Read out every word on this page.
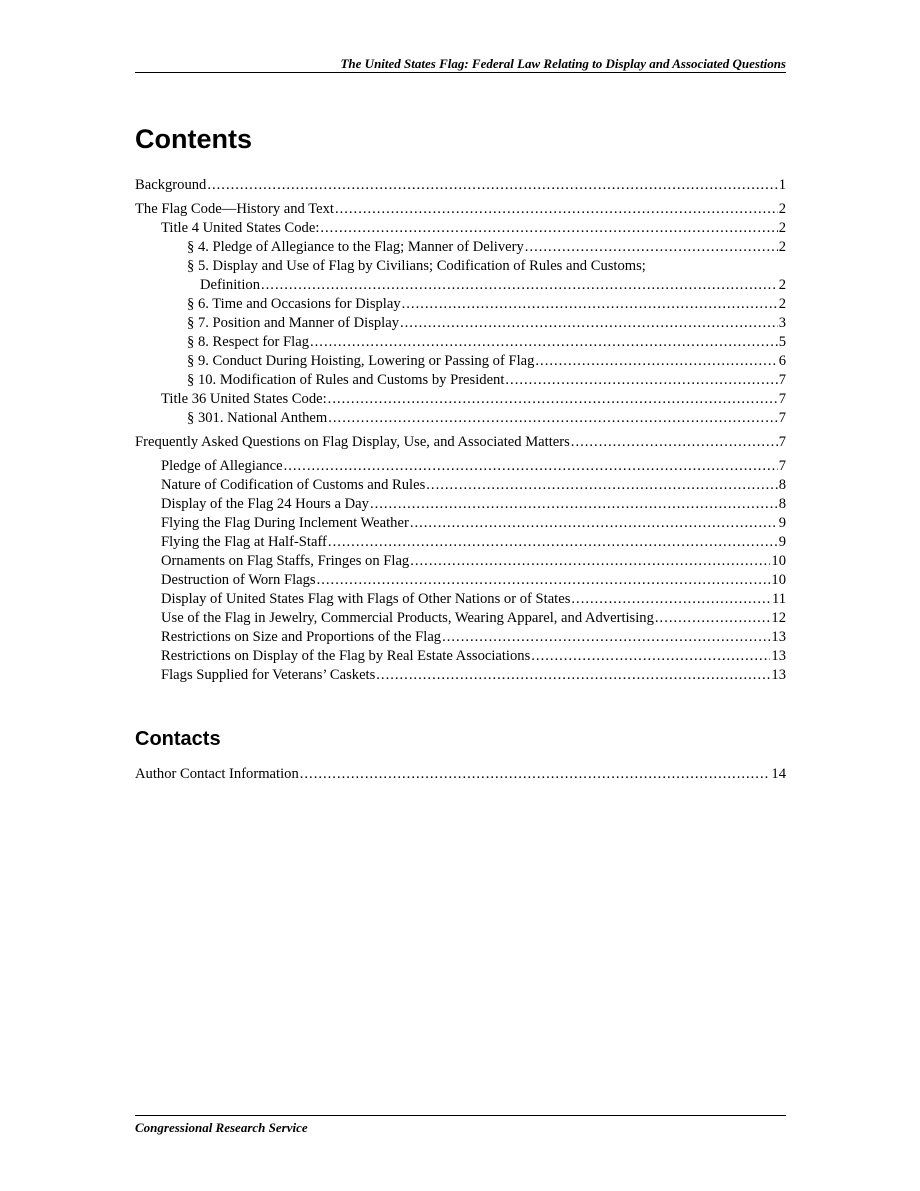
The United States Flag: Federal Law Relating to Display and Associated Questions
Contents
Background .....	1
The Flag Code—History and Text .....	2
Title 4 United States Code: .....	2
§ 4. Pledge of Allegiance to the Flag; Manner of Delivery .....	2
§ 5. Display and Use of Flag by Civilians; Codification of Rules and Customs;
Definition .....	2
§ 6. Time and Occasions for Display .....	2
§ 7. Position and Manner of Display .....	3
§ 8. Respect for Flag .....	5
§ 9. Conduct During Hoisting, Lowering or Passing of Flag .....	6
§ 10. Modification of Rules and Customs by President .....	7
Title 36 United States Code: .....	7
§ 301. National Anthem .....	7
Frequently Asked Questions on Flag Display, Use, and Associated Matters .....	7
Pledge of Allegiance .....	7
Nature of Codification of Customs and Rules .....	8
Display of the Flag 24 Hours a Day .....	8
Flying the Flag During Inclement Weather .....	9
Flying the Flag at Half-Staff .....	9
Ornaments on Flag Staffs, Fringes on Flag .....	10
Destruction of Worn Flags .....	10
Display of United States Flag with Flags of Other Nations or of States .....	11
Use of the Flag in Jewelry, Commercial Products, Wearing Apparel, and Advertising .....	12
Restrictions on Size and Proportions of the Flag .....	13
Restrictions on Display of the Flag by Real Estate Associations .....	13
Flags Supplied for Veterans’ Caskets .....	13
Contacts
Author Contact Information .....	14
Congressional Research Service
